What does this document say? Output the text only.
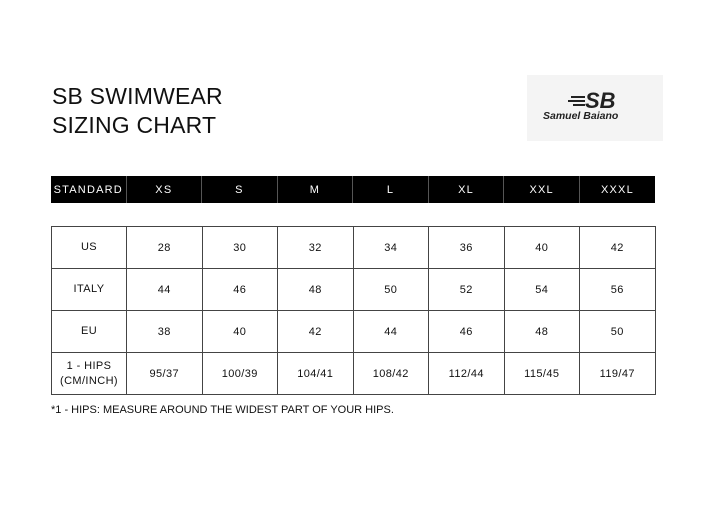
SB SWIMWEAR
SIZING CHART
SB
Samuel Baiano
STANDARD	XS	S	M	L	XL	XXL	XXXL
US	28	30	32	34	36	40	42
ITALY	44	46	48	50	52	54	56
EU	38	40	42	44	46	48	50

1 - HIPS
(CM/INCH)	95/37	100/39	104/41	108/42	112/44	115/45	119/47
*1 - HIPS: MEASURE AROUND THE WIDEST PART OF YOUR HIPS.
